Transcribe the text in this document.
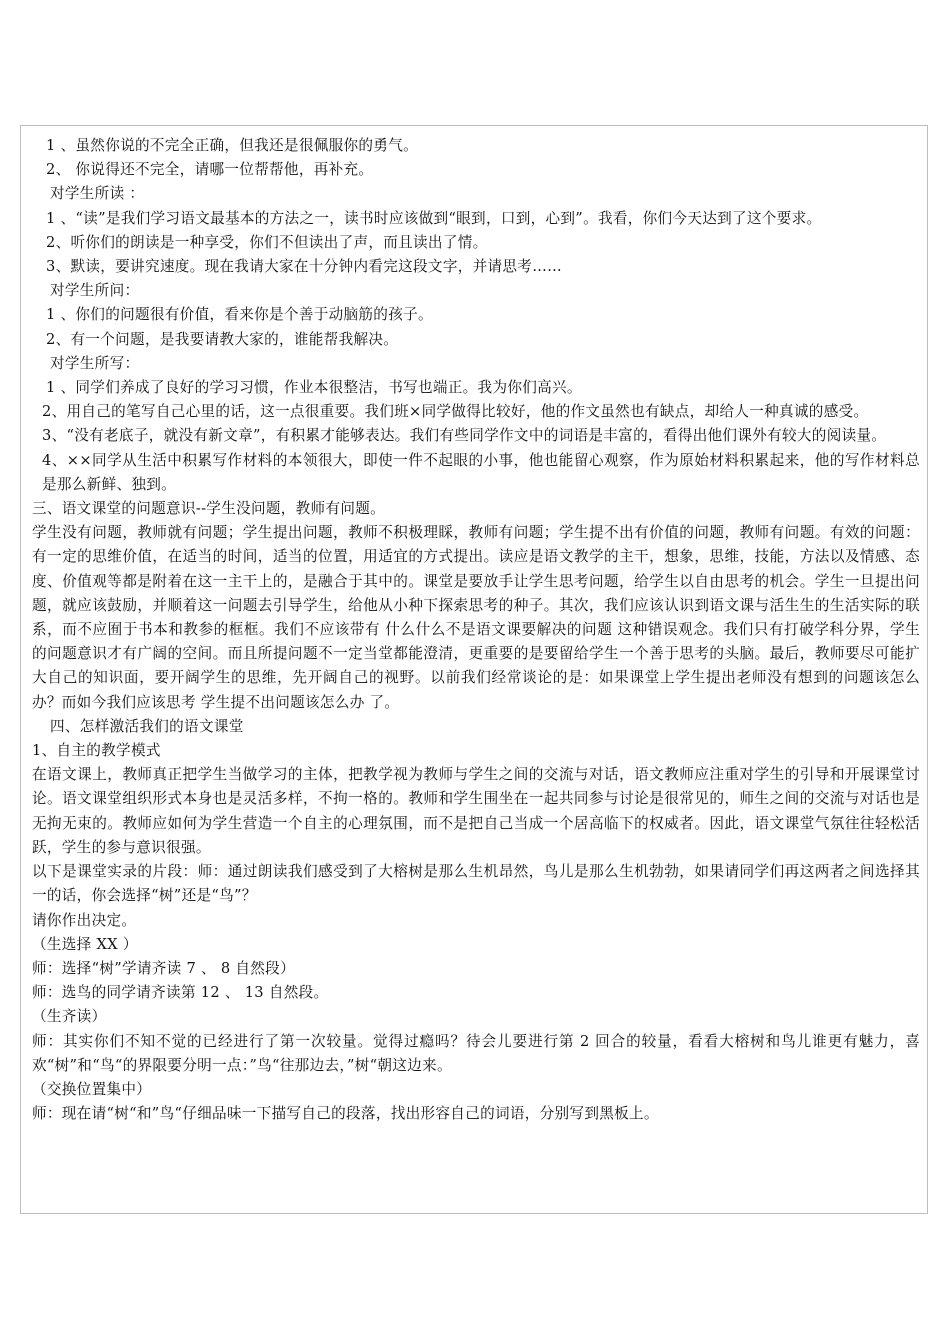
1 、虽然你说的不完全正确，但我还是很佩服你的勇气。
2、 你说得还不完全，请哪一位帮帮他，再补充。
对学生所读 ：
1 、“读”是我们学习语文最基本的方法之一，读书时应该做到“眼到，口到，心到”。我看，你们今天达到了这个要求。
2、听你们的朗读是一种享受，你们不但读出了声，而且读出了情。
3、默读，要讲究速度。现在我请大家在十分钟内看完这段文字，并请思考……
对学生所问：
1 、你们的问题很有价值，看来你是个善于动脑筋的孩子。
2、有一个问题，是我要请教大家的，谁能帮我解决。
对学生所写：
1 、同学们养成了良好的学习习惯，作业本很整洁，书写也端正。我为你们高兴。
2、用自己的笔写自己心里的话，这一点很重要。我们班×同学做得比较好，他的作文虽然也有缺点，却给人一种真诚的感受。
3、“没有老底子，就没有新文章”，有积累才能够表达。我们有些同学作文中的词语是丰富的，看得出他们课外有较大的阅读量。
4、××同学从生活中积累写作材料的本领很大，即使一件不起眼的小事，他也能留心观察，作为原始材料积累起来，他的写作材料总是那么新鲜、独到。
三、语文课堂的问题意识--学生没问题，教师有问题。
学生没有问题，教师就有问题；学生提出问题，教师不积极理睬，教师有问题；学生提不出有价值的问题，教师有问题。有效的问题：有一定的思维价值，在适当的时间，适当的位置，用适宜的方式提出。读应是语文教学的主干，想象，思维，技能，方法以及情感、态度、价值观等都是附着在这一主干上的，是融合于其中的。课堂是要放手让学生思考问题，给学生以自由思考的机会。学生一旦提出问题，就应该鼓励，并顺着这一问题去引导学生，给他从小种下探索思考的种子。其次，我们应该认识到语文课与活生生的生活实际的联系，而不应囿于书本和教参的框框。我们不应该带有 什么什么不是语文课要解决的问题 这种错误观念。我们只有打破学科分界，学生的问题意识才有广阔的空间。而且所提问题不一定当堂都能澄清，更重要的是要留给学生一个善于思考的头脑。最后，教师要尽可能扩大自己的知识面，要开阔学生的思维，先开阔自己的视野。以前我们经常谈论的是：如果课堂上学生提出老师没有想到的问题该怎么办？而如今我们应该思考 学生提不出问题该怎么办 了。
四、怎样激活我们的语文课堂
1、自主的教学模式
在语文课上，教师真正把学生当做学习的主体，把教学视为教师与学生之间的交流与对话，语文教师应注重对学生的引导和开展课堂讨论。语文课堂组织形式本身也是灵活多样，不拘一格的。教师和学生围坐在一起共同参与讨论是很常见的，师生之间的交流与对话也是无拘无束的。教师应如何为学生营造一个自主的心理氛围，而不是把自己当成一个居高临下的权威者。因此，语文课堂气氛往往轻松活跃，学生的参与意识很强。
以下是课堂实录的片段：师：通过朗读我们感受到了大榕树是那么生机昂然，鸟儿是那么生机勃勃，如果请同学们再这两者之间选择其一的话，你会选择“树”还是“鸟”？
请你作出决定。
（生选择 XX ）
师：选择“树”学请齐读 7 、 8 自然段）
师：选鸟的同学请齐读第 12 、 13 自然段。
（生齐读）
师：其实你们不知不觉的已经进行了第一次较量。觉得过瘾吗？待会儿要进行第 2 回合的较量，看看大榕树和鸟儿谁更有魅力，喜欢“树”和“鸟“的界限要分明一点：”鸟“往那边去，”树“朝这边来。
（交换位置集中）
师：现在请“树“和”鸟“仔细品味一下描写自己的段落，找出形容自己的词语，分别写到黑板上。
